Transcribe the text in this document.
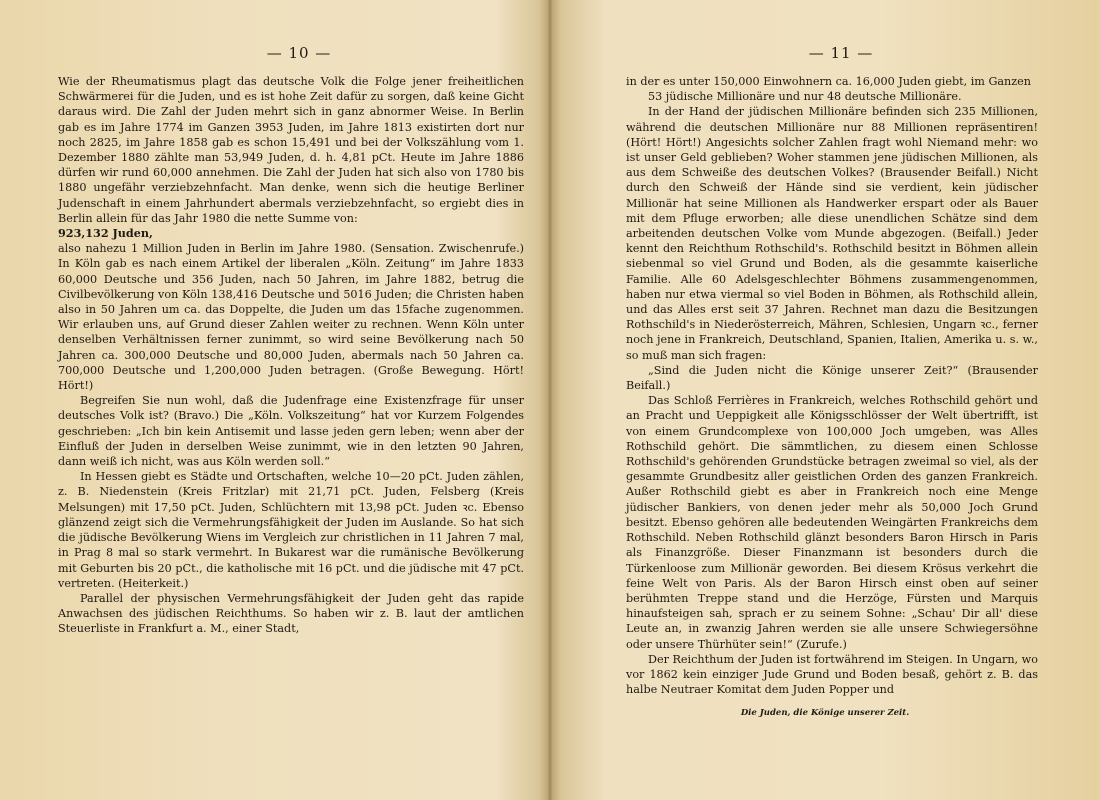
— 10 —

Wie der Rheumatismus plagt das deutsche Volk die Folge jener freiheitlichen Schwärmerei für die Juden, und es ist hohe Zeit dafür zu sorgen, daß keine Gicht daraus wird. Die Zahl der Juden mehrt sich in ganz abnormer Weise. In Berlin gab es im Jahre 1774 im Ganzen 3953 Juden, im Jahre 1813 existirten dort nur noch 2825, im Jahre 1858 gab es schon 15,491 und bei der Volkszählung vom 1. Dezember 1880 zählte man 53,949 Juden, d. h. 4,81 pCt. Heute im Jahre 1886 dürfen wir rund 60,000 annehmen. Die Zahl der Juden hat sich also von 1780 bis 1880 ungefähr verziebzehnfacht. Man denke, wenn sich die heutige Berliner Judenschaft in einem Jahrhundert abermals verziebzehnfacht, so ergiebt dies in Berlin allein für das Jahr 1980 die nette Summe von:

923,132 Juden,

also nahezu 1 Million Juden in Berlin im Jahre 1980. (Sensation. Zwischenrufe.) In Köln gab es nach einem Artikel der liberalen „Köln. Zeitung“ im Jahre 1833 60,000 Deutsche und 356 Juden, nach 50 Jahren, im Jahre 1882, betrug die Civilbevölkerung von Köln 138,416 Deutsche und 5016 Juden; die Christen haben also in 50 Jahren um ca. das Doppelte, die Juden um das 15fache zugenommen. Wir erlauben uns, auf Grund dieser Zahlen weiter zu rechnen. Wenn Köln unter denselben Verhältnissen ferner zunimmt, so wird seine Bevölkerung nach 50 Jahren ca. 300,000 Deutsche und 80,000 Juden, abermals nach 50 Jahren ca. 700,000 Deutsche und 1,200,000 Juden betragen. (Große Bewegung. Hört! Hört!)

Begreifen Sie nun wohl, daß die Judenfrage eine Existenzfrage für unser deutsches Volk ist? (Bravo.) Die „Köln. Volkszeitung“ hat vor Kurzem Folgendes geschrieben: „Ich bin kein Antisemit und lasse jeden gern leben; wenn aber der Einfluß der Juden in derselben Weise zunimmt, wie in den letzten 90 Jahren, dann weiß ich nicht, was aus Köln werden soll.“

In Hessen giebt es Städte und Ortschaften, welche 10—20 pCt. Juden zählen, z. B. Niedenstein (Kreis Fritzlar) mit 21,71 pCt. Juden, Felsberg (Kreis Melsungen) mit 17,50 pCt. Juden, Schlüchtern mit 13,98 pCt. Juden ꝛc. Ebenso glänzend zeigt sich die Vermehrungsfähigkeit der Juden im Auslande. So hat sich die jüdische Bevölkerung Wiens im Vergleich zur christlichen in 11 Jahren 7 mal, in Prag 8 mal so stark vermehrt. In Bukarest war die rumänische Bevölkerung mit Geburten bis 20 pCt., die katholische mit 16 pCt. und die jüdische mit 47 pCt. vertreten. (Heiterkeit.)

Parallel der physischen Vermehrungsfähigkeit der Juden geht das rapide Anwachsen des jüdischen Reichthums. So haben wir z. B. laut der amtlichen Steuerliste in Frankfurt a. M., einer Stadt,

— 11 —

in der es unter 150,000 Einwohnern ca. 16,000 Juden giebt, im Ganzen

53 jüdische Millionäre und nur 48 deutsche Millionäre.

In der Hand der jüdischen Millionäre befinden sich 235 Millionen, während die deutschen Millionäre nur 88 Millionen repräsentiren! (Hört! Hört!) Angesichts solcher Zahlen fragt wohl Niemand mehr: wo ist unser Geld geblieben? Woher stammen jene jüdischen Millionen, als aus dem Schweiße des deutschen Volkes? (Brausender Beifall.) Nicht durch den Schweiß der Hände sind sie verdient, kein jüdischer Millionär hat seine Millionen als Handwerker erspart oder als Bauer mit dem Pfluge erworben; alle diese unendlichen Schätze sind dem arbeitenden deutschen Volke vom Munde abgezogen. (Beifall.) Jeder kennt den Reichthum Rothschild's. Rothschild besitzt in Böhmen allein siebenmal so viel Grund und Boden, als die gesammte kaiserliche Familie. Alle 60 Adelsgeschlechter Böhmens zusammengenommen, haben nur etwa viermal so viel Boden in Böhmen, als Rothschild allein, und das Alles erst seit 37 Jahren. Rechnet man dazu die Besitzungen Rothschild's in Niederösterreich, Mähren, Schlesien, Ungarn ꝛc., ferner noch jene in Frankreich, Deutschland, Spanien, Italien, Amerika u. s. w., so muß man sich fragen:

„Sind die Juden nicht die Könige unserer Zeit?“ (Brausender Beifall.)

Das Schloß Ferrières in Frankreich, welches Rothschild gehört und an Pracht und Ueppigkeit alle Königsschlösser der Welt übertrifft, ist von einem Grundcomplexe von 100,000 Joch umgeben, was Alles Rothschild gehört. Die sämmtlichen, zu diesem einen Schlosse Rothschild's gehörenden Grundstücke betragen zweimal so viel, als der gesammte Grundbesitz aller geistlichen Orden des ganzen Frankreich. Außer Rothschild giebt es aber in Frankreich noch eine Menge jüdischer Bankiers, von denen jeder mehr als 50,000 Joch Grund besitzt. Ebenso gehören alle bedeutenden Weingärten Frankreichs dem Rothschild. Neben Rothschild glänzt besonders Baron Hirsch in Paris als Finanzgröße. Dieser Finanzmann ist besonders durch die Türkenloose zum Millionär geworden. Bei diesem Krösus verkehrt die feine Welt von Paris. Als der Baron Hirsch einst oben auf seiner berühmten Treppe stand und die Herzöge, Fürsten und Marquis hinaufsteigen sah, sprach er zu seinem Sohne: „Schau' Dir all' diese Leute an, in zwanzig Jahren werden sie alle unsere Schwiegersöhne oder unsere Thürhüter sein!“ (Zurufe.)

Der Reichthum der Juden ist fortwährend im Steigen. In Ungarn, wo vor 1862 kein einziger Jude Grund und Boden besaß, gehört z. B. das halbe Neutraer Komitat dem Juden Popper und

Die Juden, die Könige unserer Zeit.
